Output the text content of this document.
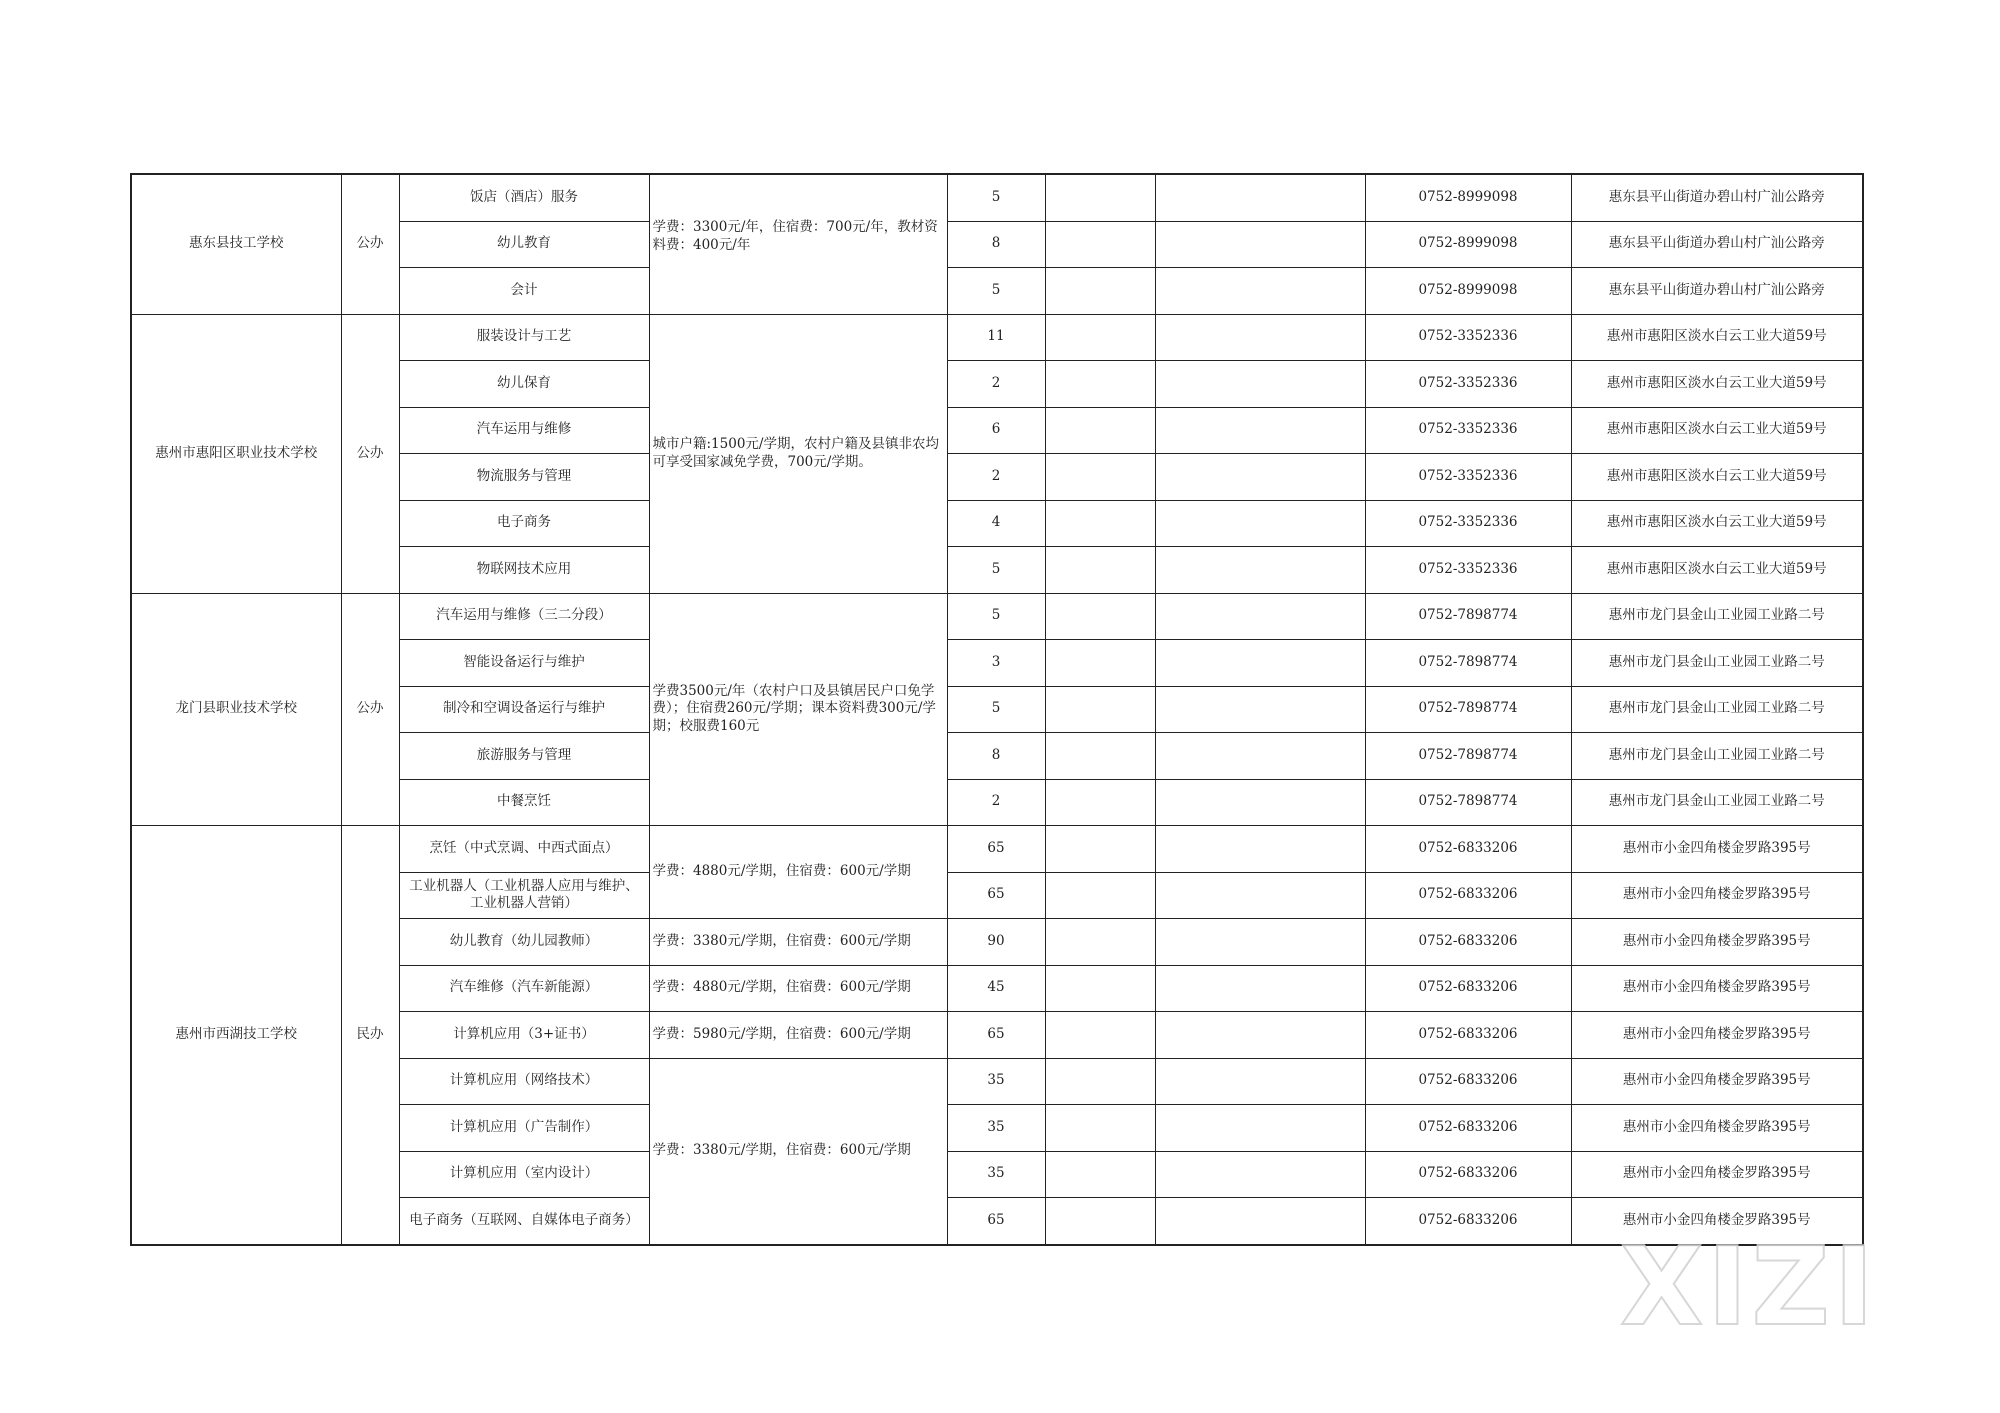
惠东县技工学校	公办	饭店（酒店）服务	学费：3300元/年，住宿费：700元/年，教材资料费：400元/年	5			0752-8999098	惠东县平山街道办碧山村广汕公路旁
		幼儿教育		8			0752-8999098	惠东县平山街道办碧山村广汕公路旁
		会计		5			0752-8999098	惠东县平山街道办碧山村广汕公路旁
惠州市惠阳区职业技术学校	公办	服装设计与工艺	城市户籍:1500元/学期，农村户籍及县镇非农均可享受国家减免学费，700元/学期。	11			0752-3352336	惠州市惠阳区淡水白云工业大道59号
		幼儿保育		2			0752-3352336	惠州市惠阳区淡水白云工业大道59号
		汽车运用与维修		6			0752-3352336	惠州市惠阳区淡水白云工业大道59号
		物流服务与管理		2			0752-3352336	惠州市惠阳区淡水白云工业大道59号
		电子商务		4			0752-3352336	惠州市惠阳区淡水白云工业大道59号
		物联网技术应用		5			0752-3352336	惠州市惠阳区淡水白云工业大道59号
龙门县职业技术学校	公办	汽车运用与维修（三二分段）	学费3500元/年（农村户口及县镇居民户口免学费）；住宿费260元/学期；课本资料费300元/学期；校服费160元	5			0752-7898774	惠州市龙门县金山工业园工业路二号
		智能设备运行与维护		3			0752-7898774	惠州市龙门县金山工业园工业路二号
		制冷和空调设备运行与维护		5			0752-7898774	惠州市龙门县金山工业园工业路二号
		旅游服务与管理		8			0752-7898774	惠州市龙门县金山工业园工业路二号
		中餐烹饪		2			0752-7898774	惠州市龙门县金山工业园工业路二号
惠州市西湖技工学校	民办	烹饪（中式烹调、中西式面点）	学费：4880元/学期，住宿费：600元/学期	65			0752-6833206	惠州市小金四角楼金罗路395号
		工业机器人（工业机器人应用与维护、工业机器人营销）		65			0752-6833206	惠州市小金四角楼金罗路395号
		幼儿教育（幼儿园教师）	学费：3380元/学期，住宿费：600元/学期	90			0752-6833206	惠州市小金四角楼金罗路395号
		汽车维修（汽车新能源）	学费：4880元/学期，住宿费：600元/学期	45			0752-6833206	惠州市小金四角楼金罗路395号
		计算机应用（3+证书）	学费：5980元/学期，住宿费：600元/学期	65			0752-6833206	惠州市小金四角楼金罗路395号
		计算机应用（网络技术）	学费：3380元/学期，住宿费：600元/学期	35			0752-6833206	惠州市小金四角楼金罗路395号
		计算机应用（广告制作）		35			0752-6833206	惠州市小金四角楼金罗路395号
		计算机应用（室内设计）		35			0752-6833206	惠州市小金四角楼金罗路395号
		电子商务（互联网、自媒体电子商务）		65			0752-6833206	惠州市小金四角楼金罗路395号
XIZI
